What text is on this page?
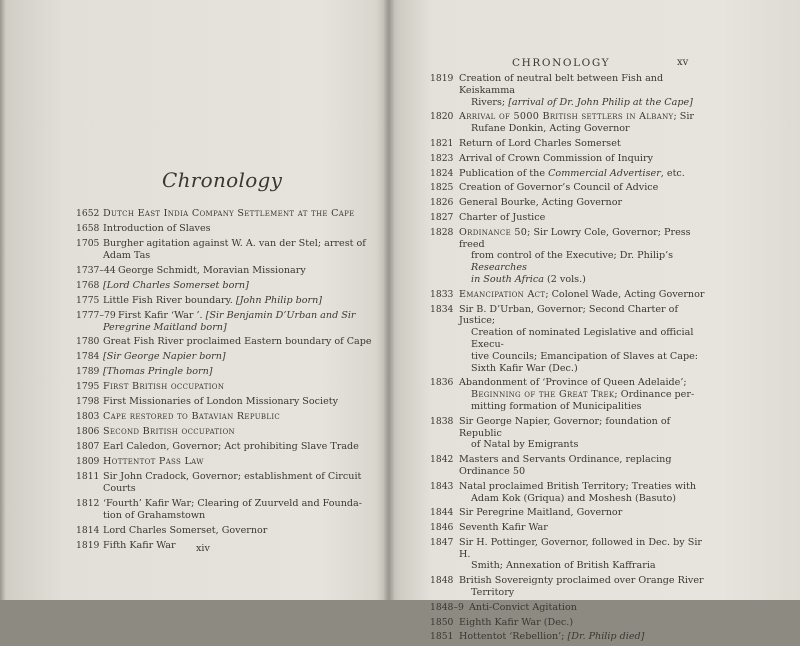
Chronology
1652 Dutch East India Company Settlement at the Cape
1658 Introduction of Slaves
1705 Burgher agitation against W. A. van der Stel; arrest of
Adam Tas
1737–44 George Schmidt, Moravian Missionary
1768 [Lord Charles Somerset born]
1775 Little Fish River boundary. [John Philip born]
1777–79 First Kafir ‘War ’. [Sir Benjamin D’Urban and Sir
Peregrine Maitland born]
1780 Great Fish River proclaimed Eastern boundary of Cape
1784 [Sir George Napier born]
1789 [Thomas Pringle born]
1795 First British occupation
1798 First Missionaries of London Missionary Society
1803 Cape restored to Batavian Republic
1806 Second British occupation
1807 Earl Caledon, Governor; Act prohibiting Slave Trade
1809 Hottentot Pass Law
1811 Sir John Cradock, Governor; establishment of Circuit
Courts
1812 ‘Fourth’ Kafir War; Clearing of Zuurveld and Founda-
tion of Grahamstown
1814 Lord Charles Somerset, Governor
1819 Fifth Kafir War	xiv
CHRONOLOGY	xv
1819 Creation of neutral belt between Fish and Keiskamma
Rivers; [arrival of Dr. John Philip at the Cape]
1820 Arrival of 5000 British settlers in Albany; Sir
Rufane Donkin, Acting Governor
1821 Return of Lord Charles Somerset
1823 Arrival of Crown Commission of Inquiry
1824 Publication of the Commercial Advertiser, etc.
1825 Creation of Governor’s Council of Advice
1826 General Bourke, Acting Governor
1827 Charter of Justice
1828 Ordinance 50; Sir Lowry Cole, Governor; Press freed
from control of the Executive; Dr. Philip’s Researches
in South Africa (2 vols.)
1833 Emancipation Act; Colonel Wade, Acting Governor
1834 Sir B. D’Urban, Governor; Second Charter of Justice;
Creation of nominated Legislative and official Execu-
tive Councils; Emancipation of Slaves at Cape:
Sixth Kafir War (Dec.)
1836 Abandonment of ‘Province of Queen Adelaide’;
Beginning of the Great Trek; Ordinance per-
mitting formation of Municipalities
1838 Sir George Napier, Governor; foundation of Republic
of Natal by Emigrants
1842 Masters and Servants Ordinance, replacing Ordinance 50
1843 Natal proclaimed British Territory; Treaties with
Adam Kok (Griqua) and Moshesh (Basuto)
1844 Sir Peregrine Maitland, Governor
1846 Seventh Kafir War
1847 Sir H. Pottinger, Governor, followed in Dec. by Sir H.
Smith; Annexation of British Kaffraria
1848 British Sovereignty proclaimed over Orange River
Territory
1848–9 Anti-Convict Agitation
1850 Eighth Kafir War (Dec.)
1851 Hottentot ‘Rebellion’; [Dr. Philip died]
